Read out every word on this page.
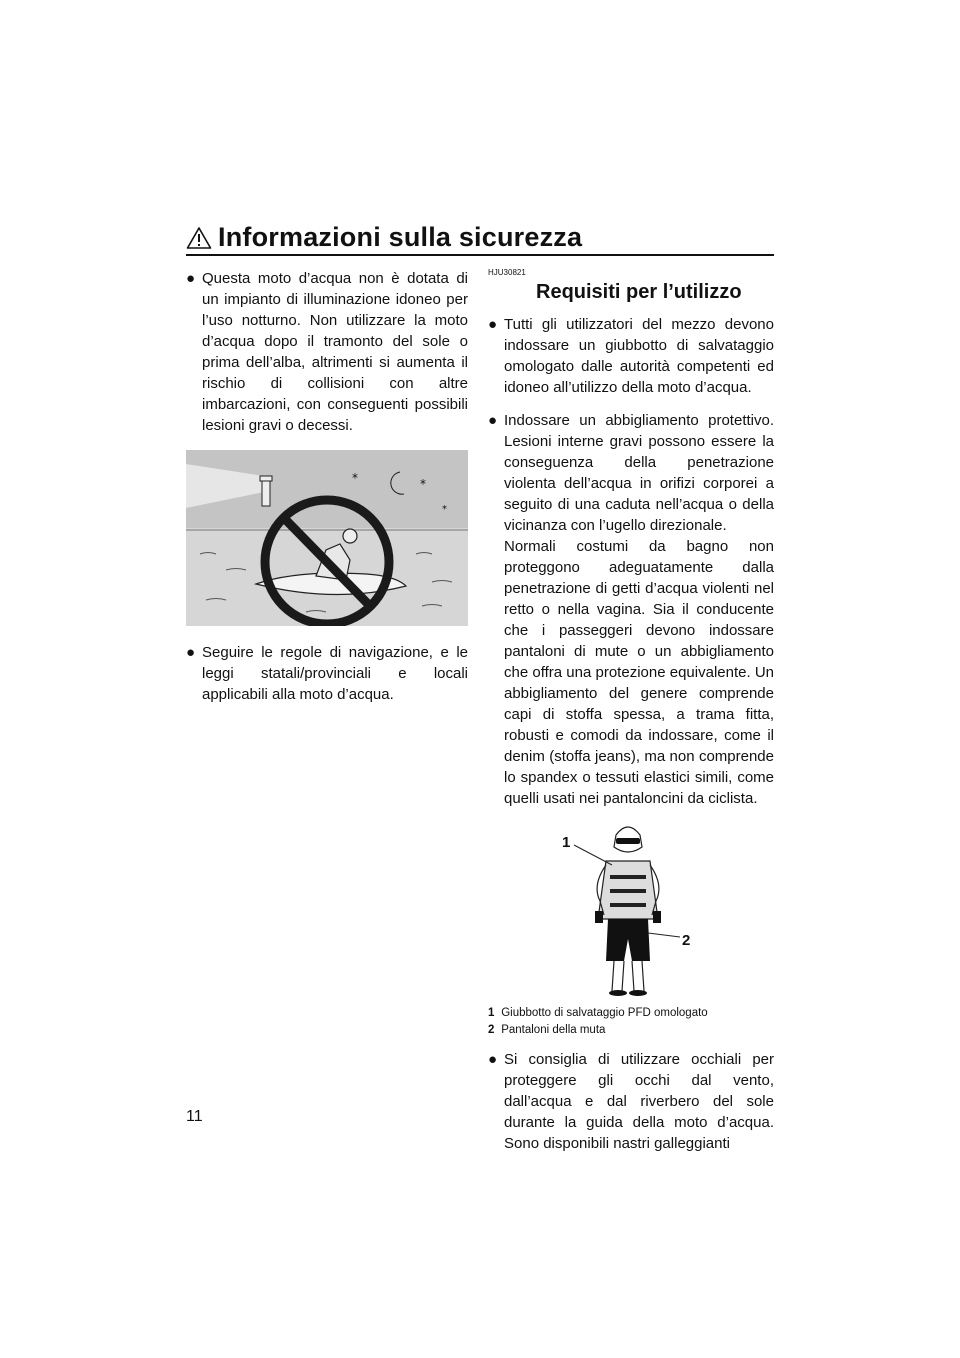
Informazioni sulla sicurezza
● Questa moto d’acqua non è dotata di un impianto di illuminazione idoneo per l’uso notturno. Non utilizzare la moto d’acqua dopo il tramonto del sole o prima dell’alba, altrimenti si aumenta il rischio di collisioni con altre imbarcazioni, con conseguenti possibili lesioni gravi o decessi.

*	*
*
● Seguire le regole di navigazione, e le leggi statali/provinciali e locali applicabili alla moto d’acqua.

HJU30821

Requisiti per l’utilizzo
● Tutti gli utilizzatori del mezzo devono indossare un giubbotto di salvataggio omologato dalle autorità competenti ed idoneo all’utilizzo della moto d’acqua.

● Indossare un abbigliamento protettivo. Lesioni interne gravi possono essere la conseguenza della penetrazione violenta dell’acqua in orifizi corporei a seguito di una caduta nell’acqua o della vicinanza con l’ugello direzionale.

Normali costumi da bagno non proteggono adeguatamente dalla penetrazione di getti d’acqua violenti nel retto o nella vagina. Sia il conducente che i passeggeri devono indossare pantaloni di mute o un abbigliamento che offra una protezione equivalente. Un abbigliamento del genere comprende capi di stoffa spessa, a trama fitta, robusti e comodi da indossare, come il denim (stoffa jeans), ma non comprende lo spandex o tessuti elastici simili, come quelli usati nei pantaloncini da ciclista.

1
2
1 Giubbotto di salvataggio PFD omologato
2 Pantaloni della muta
● Si consiglia di utilizzare occhiali per proteggere gli occhi dal vento, dall’acqua e dal riverbero del sole durante la guida della moto d’acqua. Sono disponibili nastri galleggianti

11
